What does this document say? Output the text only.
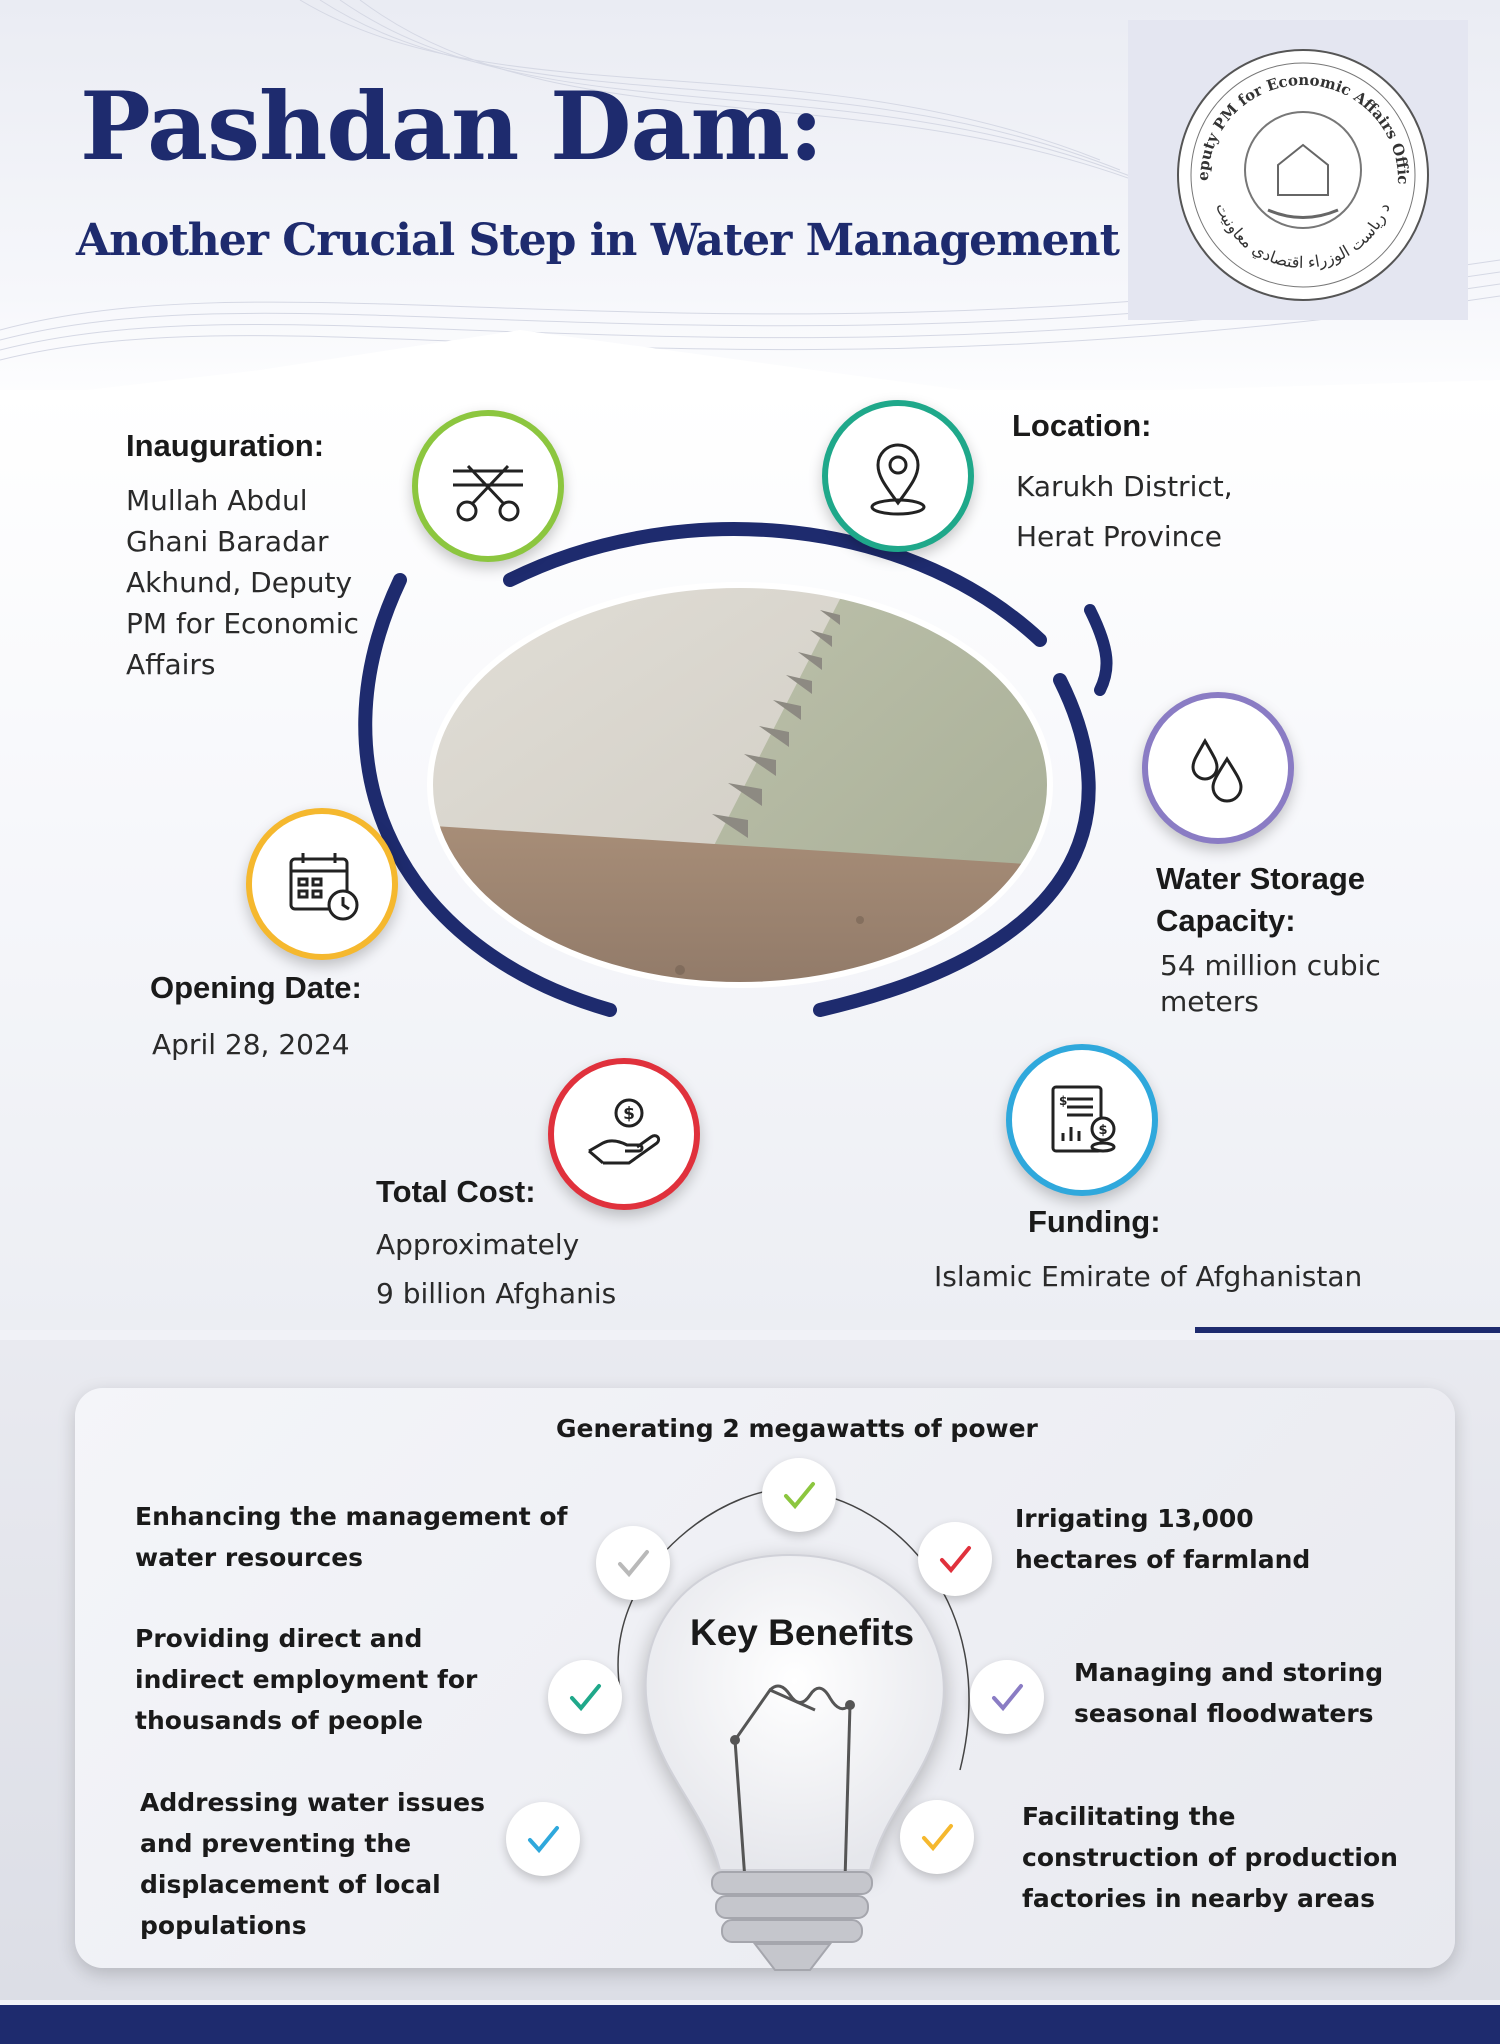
Pashdan Dam:
Another Crucial Step in Water Management
eputy PM for Economic Affairs Office
د ریاست الوزراء اقتصادي معاونيت
Inauguration:
Mullah Abdul
Ghani Baradar
Akhund, Deputy
PM for Economic
Affairs
Location:
Karukh District,
Herat Province
Water Storage
Capacity:
54 million cubic
meters
Opening Date:
April 28, 2024
$
Total Cost:
Approximately
9 billion Afghanis
$
$
Funding:
Islamic Emirate of Afghanistan
Key Benefits
Generating 2 megawatts of power
Enhancing the management of
water resources
Providing direct and
indirect employment for
thousands of people
Addressing water issues
and preventing the
displacement of local
populations
Irrigating 13,000
hectares of farmland
Managing and storing
seasonal floodwaters
Facilitating the
construction of production
factories in nearby areas
